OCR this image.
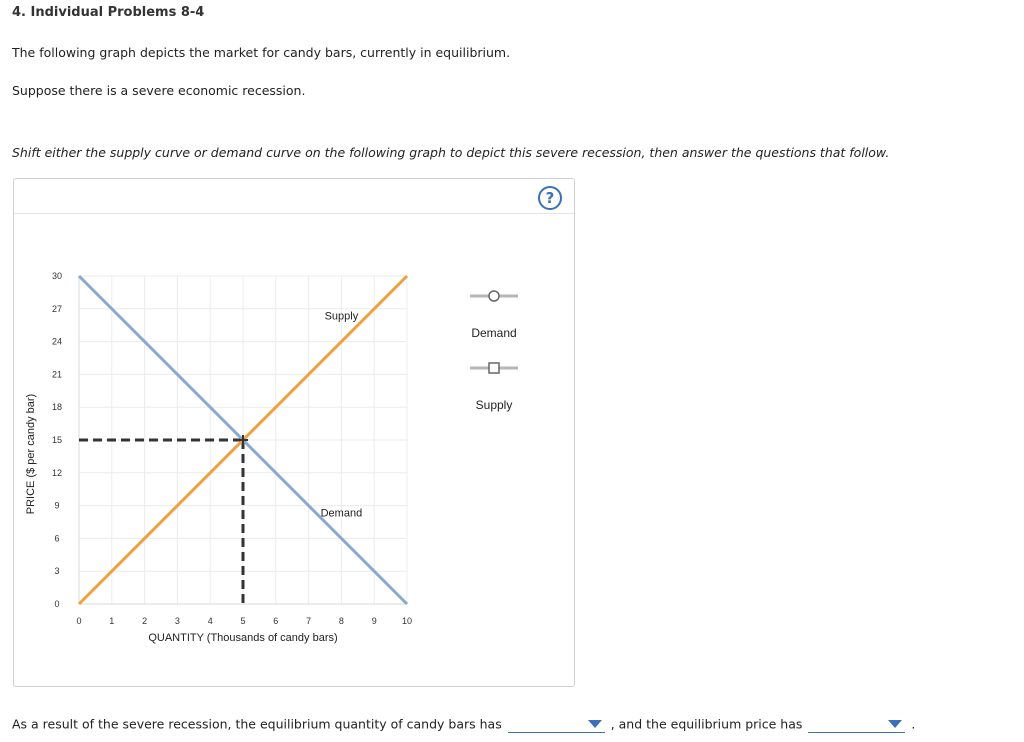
4. Individual Problems 8-4

The following graph depicts the market for candy bars, currently in equilibrium.

Suppose there is a severe economic recession.

Shift either the supply curve or demand curve on the following graph to depict this severe recession, then answer the questions that follow.

?
0	1	2	3	4	5	6	7	8	9	10
0
3
6
9
12
15
18
21
24
27
30
QUANTITY (Thousands of candy bars)
PRICE ($ per candy bar)
Supply
Demand
Demand
Supply
As a result of the severe recession, the equilibrium quantity of candy bars has	, and the equilibrium price has	.
